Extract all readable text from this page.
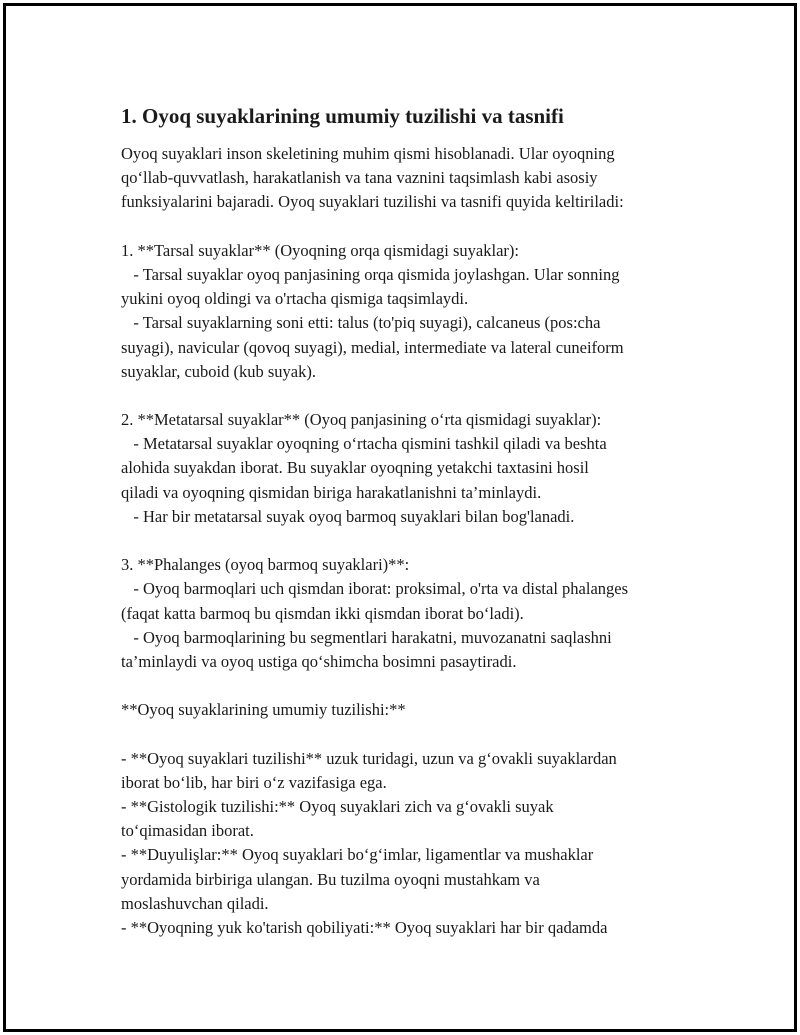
1. Oyoq suyaklarining umumiy tuzilishi va tasnifi
Oyoq suyaklari inson skeletining muhim qismi hisoblanadi. Ular oyoqning
qo‘llab-quvvatlash, harakatlanish va tana vaznini taqsimlash kabi asosiy
funksiyalarini bajaradi. Oyoq suyaklari tuzilishi va tasnifi quyida keltiriladi:
1. **Tarsal suyaklar** (Oyoqning orqa qismidagi suyaklar):
- Tarsal suyaklar oyoq panjasining orqa qismida joylashgan. Ular sonning
yukini oyoq oldingi va o'rtacha qismiga taqsimlaydi.
- Tarsal suyaklarning soni etti: talus (to'piq suyagi), calcaneus (pos:cha
suyagi), navicular (qovoq suyagi), medial, intermediate va lateral cuneiform
suyaklar, cuboid (kub suyak).
2. **Metatarsal suyaklar** (Oyoq panjasining o‘rta qismidagi suyaklar):
- Metatarsal suyaklar oyoqning o‘rtacha qismini tashkil qiladi va beshta
alohida suyakdan iborat. Bu suyaklar oyoqning yetakchi taxtasini hosil
qiladi va oyoqning qismidan biriga harakatlanishni ta’minlaydi.
- Har bir metatarsal suyak oyoq barmoq suyaklari bilan bog'lanadi.
3. **Phalanges (oyoq barmoq suyaklari)**:
- Oyoq barmoqlari uch qismdan iborat: proksimal, o'rta va distal phalanges
(faqat katta barmoq bu qismdan ikki qismdan iborat bo‘ladi).
- Oyoq barmoqlarining bu segmentlari harakatni, muvozanatni saqlashni
ta’minlaydi va oyoq ustiga qo‘shimcha bosimni pasaytiradi.
**Oyoq suyaklarining umumiy tuzilishi:**
- **Oyoq suyaklari tuzilishi** uzuk turidagi, uzun va g‘ovakli suyaklardan
iborat bo‘lib, har biri o‘z vazifasiga ega.
- **Gistologik tuzilishi:** Oyoq suyaklari zich va g‘ovakli suyak
to‘qimasidan iborat.
- **Duyulişlar:** Oyoq suyaklari bo‘g‘imlar, ligamentlar va mushaklar
yordamida birbiriga ulangan. Bu tuzilma oyoqni mustahkam va
moslashuvchan qiladi.
- **Oyoqning yuk ko'tarish qobiliyati:** Oyoq suyaklari har bir qadamda
